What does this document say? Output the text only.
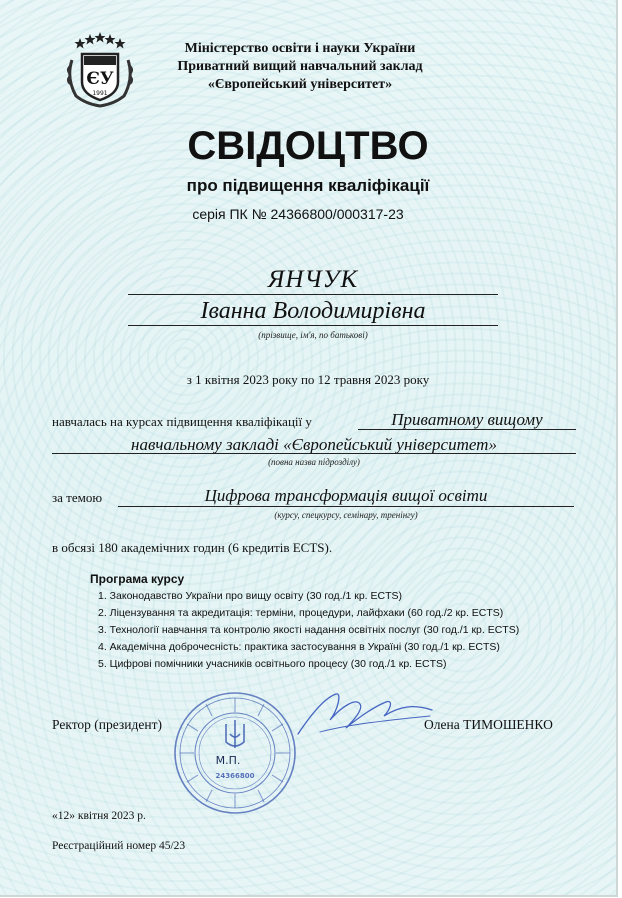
ЄУ
1991
Міністерство освіти і науки України
Приватний вищий навчальний заклад
«Європейський університет»
СВІДОЦТВО
про підвищення кваліфікації
серія ПК № 24366800/000317-23
ЯНЧУК
Іванна Володимирівна
(прізвище, ім'я, по батькові)
з 1 квітня 2023 року по 12 травня 2023 року
навчалась на курсах підвищення кваліфікації у	Приватному вищому
навчальному закладі «Європейський університет»
(повна назва підрозділу)
за темою	Цифрова трансформація вищої освіти
(курсу, спецкурсу, семінару, тренінгу)
в обсязі 180 академічних годин (6 кредитів ECTS).
Програма курсу
1. Законодавство України про вищу освіту (30 год./1 кр. ECTS)
2. Ліцензування та акредитація: терміни, процедури, лайфхаки (60 год./2 кр. ECTS)
3. Технології навчання та контролю якості надання освітніх послуг (30 год./1 кр. ECTS)
4. Академічна доброчесність: практика застосування в Україні (30 год./1 кр. ECTS)
5. Цифрові помічники учасників освітнього процесу (30 год./1 кр. ECTS)
Ректор (президент)
М.П.
24366800
Олена ТИМОШЕНКО
«12» квітня 2023 р.
Реєстраційний номер 45/23
